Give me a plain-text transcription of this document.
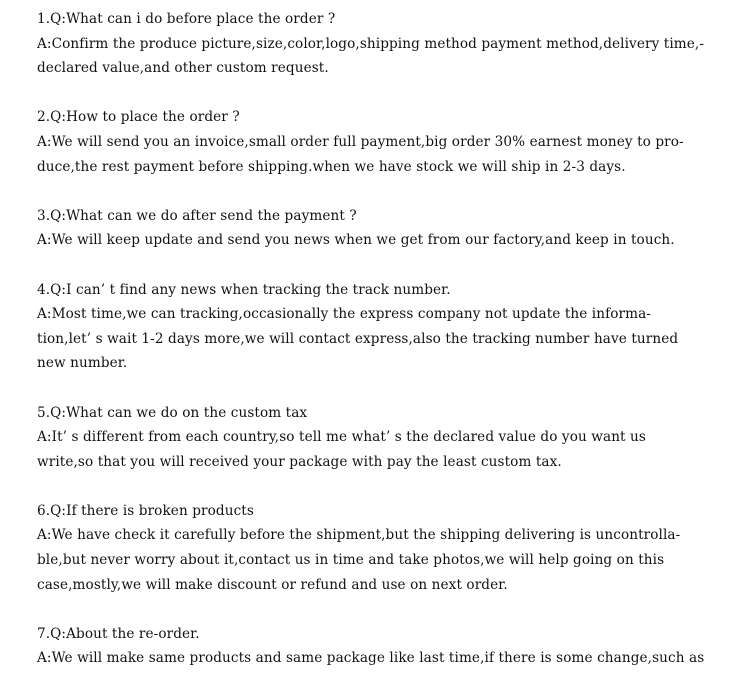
1.Q:What can i do before place the order ?
A:Confirm the produce picture,size,color,logo,shipping method payment method,delivery time,-
declared value,and other custom request.
2.Q:How to place the order ?
A:We will send you an invoice,small order full payment,big order 30% earnest money to pro-
duce,the rest payment before shipping.when we have stock we will ship in 2-3 days.
3.Q:What can we do after send the payment ?
A:We will keep update and send you news when we get from our factory,and keep in touch.
4.Q:I can’ t find any news when tracking the track number.
A:Most time,we can tracking,occasionally the express company not update the informa-
tion,let’ s wait 1-2 days more,we will contact express,also the tracking number have turned
new number.
5.Q:What can we do on the custom tax
A:It’ s different from each country,so tell me what’ s the declared value do you want us
write,so that you will received your package with pay the least custom tax.
6.Q:If there is broken products
A:We have check it carefully before the shipment,but the shipping delivering is uncontrolla-
ble,but never worry about it,contact us in time and take photos,we will help going on this
case,mostly,we will make discount or refund and use on next order.
7.Q:About the re-order.
A:We will make same products and same package like last time,if there is some change,such as
